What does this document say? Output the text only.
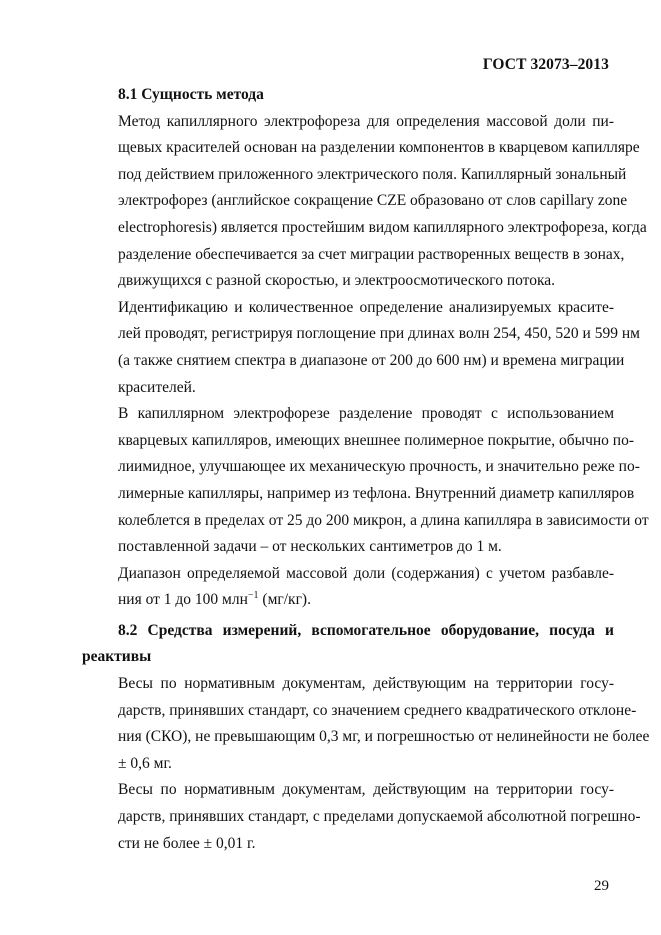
ГОСТ 32073–2013
8.1 Сущность метода
Метод капиллярного электрофореза для определения массовой доли пи-
щевых красителей основан на разделении компонентов в кварцевом капилляре
под действием приложенного электрического поля. Капиллярный зональный
электрофорез (английское сокращение CZE образовано от слов capillary zone
electrophoresis) является простейшим видом капиллярного электрофореза, когда
разделение обеспечивается за счет миграции растворенных веществ в зонах,
движущихся с разной скоростью, и электроосмотического потока.
Идентификацию и количественное определение анализируемых красите-
лей проводят, регистрируя поглощение при длинах волн 254, 450, 520 и 599 нм
(а также снятием спектра в диапазоне от 200 до 600 нм) и времена миграции
красителей.
В капиллярном электрофорезе разделение проводят с использованием
кварцевых капилляров, имеющих внешнее полимерное покрытие, обычно по-
лиимидное, улучшающее их механическую прочность, и значительно реже по-
лимерные капилляры, например из тефлона. Внутренний диаметр капилляров
колеблется в пределах от 25 до 200 микрон, а длина капилляра в зависимости от
поставленной задачи – от нескольких сантиметров до 1 м.
Диапазон определяемой массовой доли (содержания) с учетом разбавле-
ния от 1 до 100 млн$^{-1}$ (мг/кг).
8.2 Средства измерений, вспомогательное оборудование, посуда и
реактивы
Весы по нормативным документам, действующим на территории госу-
дарств, принявших стандарт, со значением среднего квадратического отклоне-
ния (СКО), не превышающим 0,3 мг, и погрешностью от нелинейности не более
± 0,6 мг.
Весы по нормативным документам, действующим на территории госу-
дарств, принявших стандарт, с пределами допускаемой абсолютной погрешно-
сти не более ± 0,01 г.
29
